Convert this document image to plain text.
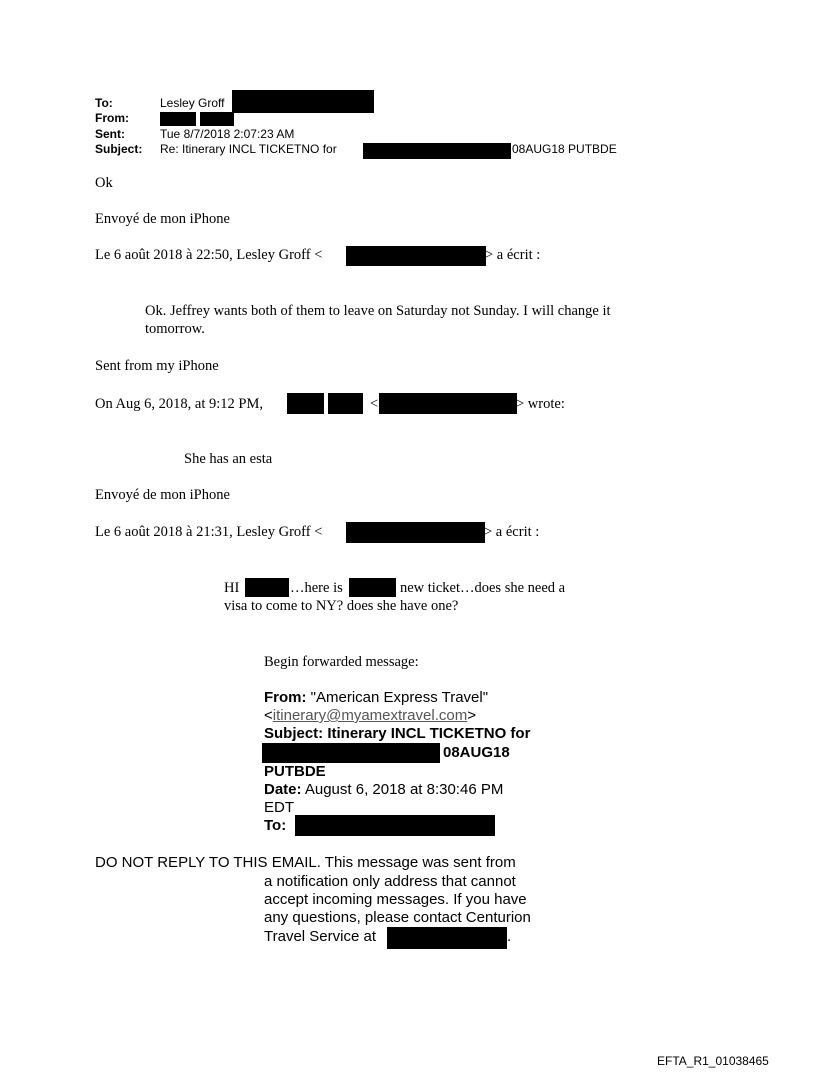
To:	Lesley Groff
From:
Sent:	Tue 8/7/2018 2:07:23 AM
Subject: Re: Itinerary INCL TICKETNO for	08AUG18 PUTBDE
Ok
Envoyé de mon iPhone
Le 6 août 2018 à 22:50, Lesley Groff <	> a écrit :
Ok. Jeffrey wants both of them to leave on Saturday not Sunday. I will change it
tomorrow.
Sent from my iPhone
On Aug 6, 2018, at 9:12 PM,	<	> wrote:
She has an esta
Envoyé de mon iPhone
Le 6 août 2018 à 21:31, Lesley Groff <	> a écrit :
HI	…here is	new ticket…does she need a
visa to come to NY? does she have one?
Begin forwarded message:
From: "American Express Travel"
<itinerary@myamextravel.com>
Subject: Itinerary INCL TICKETNO for
08AUG18
PUTBDE
Date: August 6, 2018 at 8:30:46 PM
EDT
To:
DO NOT REPLY TO THIS EMAIL. This message was sent from
a notification only address that cannot
accept incoming messages. If you have
any questions, please contact Centurion
Travel Service at	.
EFTA_R1_01038465
